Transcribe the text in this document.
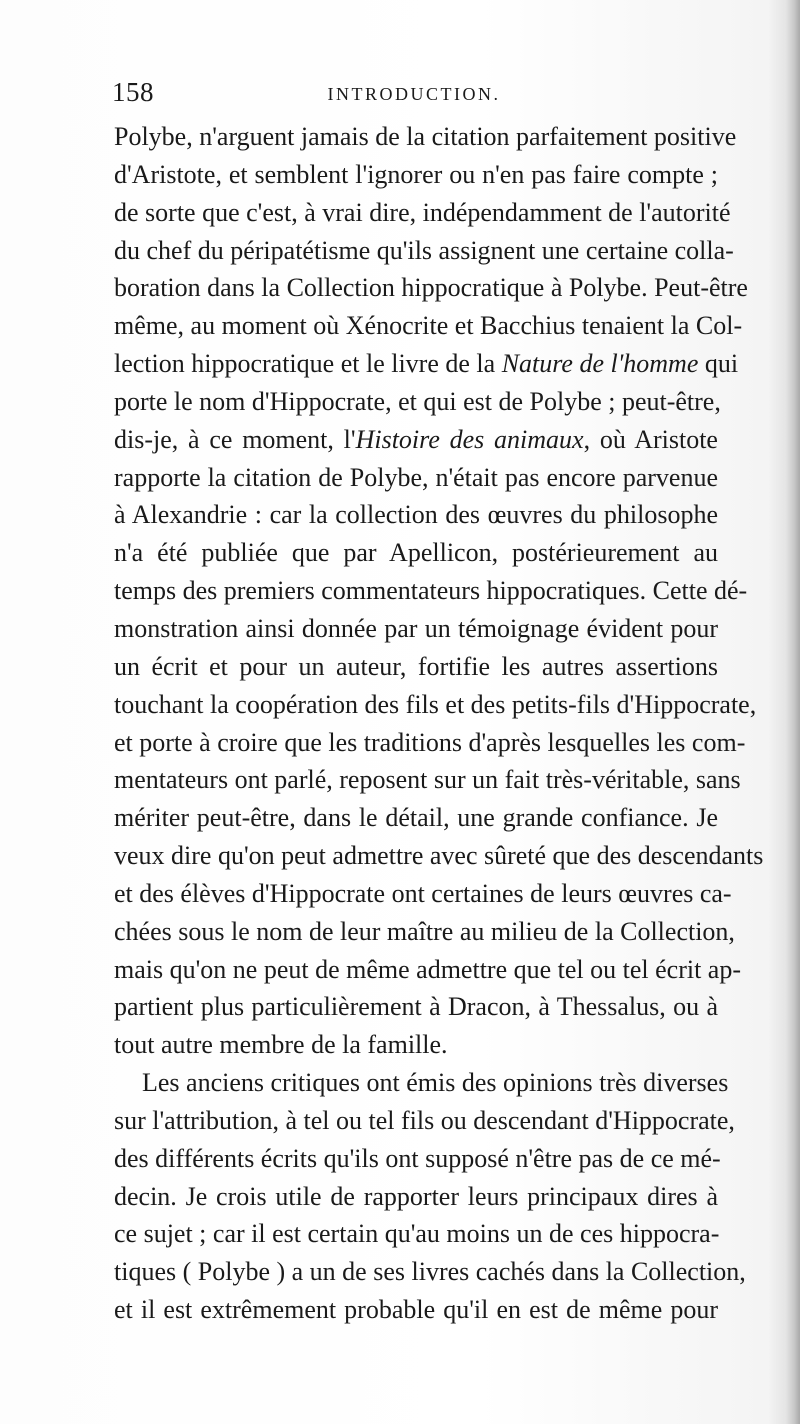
158	INTRODUCTION.
Polybe, n'arguent jamais de la citation parfaitement positive
d'Aristote, et semblent l'ignorer ou n'en pas faire compte ;
de sorte que c'est, à vrai dire, indépendamment de l'autorité
du chef du péripatétisme qu'ils assignent une certaine colla-
boration dans la Collection hippocratique à Polybe. Peut-être
même, au moment où Xénocrite et Bacchius tenaient la Col-
lection hippocratique et le livre de la Nature de l'homme qui
porte le nom d'Hippocrate, et qui est de Polybe ; peut-être,
dis-je, à ce moment, l'Histoire des animaux, où Aristote
rapporte la citation de Polybe, n'était pas encore parvenue
à Alexandrie : car la collection des œuvres du philosophe
n'a été publiée que par Apellicon, postérieurement au
temps des premiers commentateurs hippocratiques. Cette dé-
monstration ainsi donnée par un témoignage évident pour
un écrit et pour un auteur, fortifie les autres assertions
touchant la coopération des fils et des petits-fils d'Hippocrate,
et porte à croire que les traditions d'après lesquelles les com-
mentateurs ont parlé, reposent sur un fait très-véritable, sans
mériter peut-être, dans le détail, une grande confiance. Je
veux dire qu'on peut admettre avec sûreté que des descendants
et des élèves d'Hippocrate ont certaines de leurs œuvres ca-
chées sous le nom de leur maître au milieu de la Collection,
mais qu'on ne peut de même admettre que tel ou tel écrit ap-
partient plus particulièrement à Dracon, à Thessalus, ou à
tout autre membre de la famille.
Les anciens critiques ont émis des opinions très diverses
sur l'attribution, à tel ou tel fils ou descendant d'Hippocrate,
des différents écrits qu'ils ont supposé n'être pas de ce mé-
decin. Je crois utile de rapporter leurs principaux dires à
ce sujet ; car il est certain qu'au moins un de ces hippocra-
tiques ( Polybe ) a un de ses livres cachés dans la Collection,
et il est extrêmement probable qu'il en est de même pour
